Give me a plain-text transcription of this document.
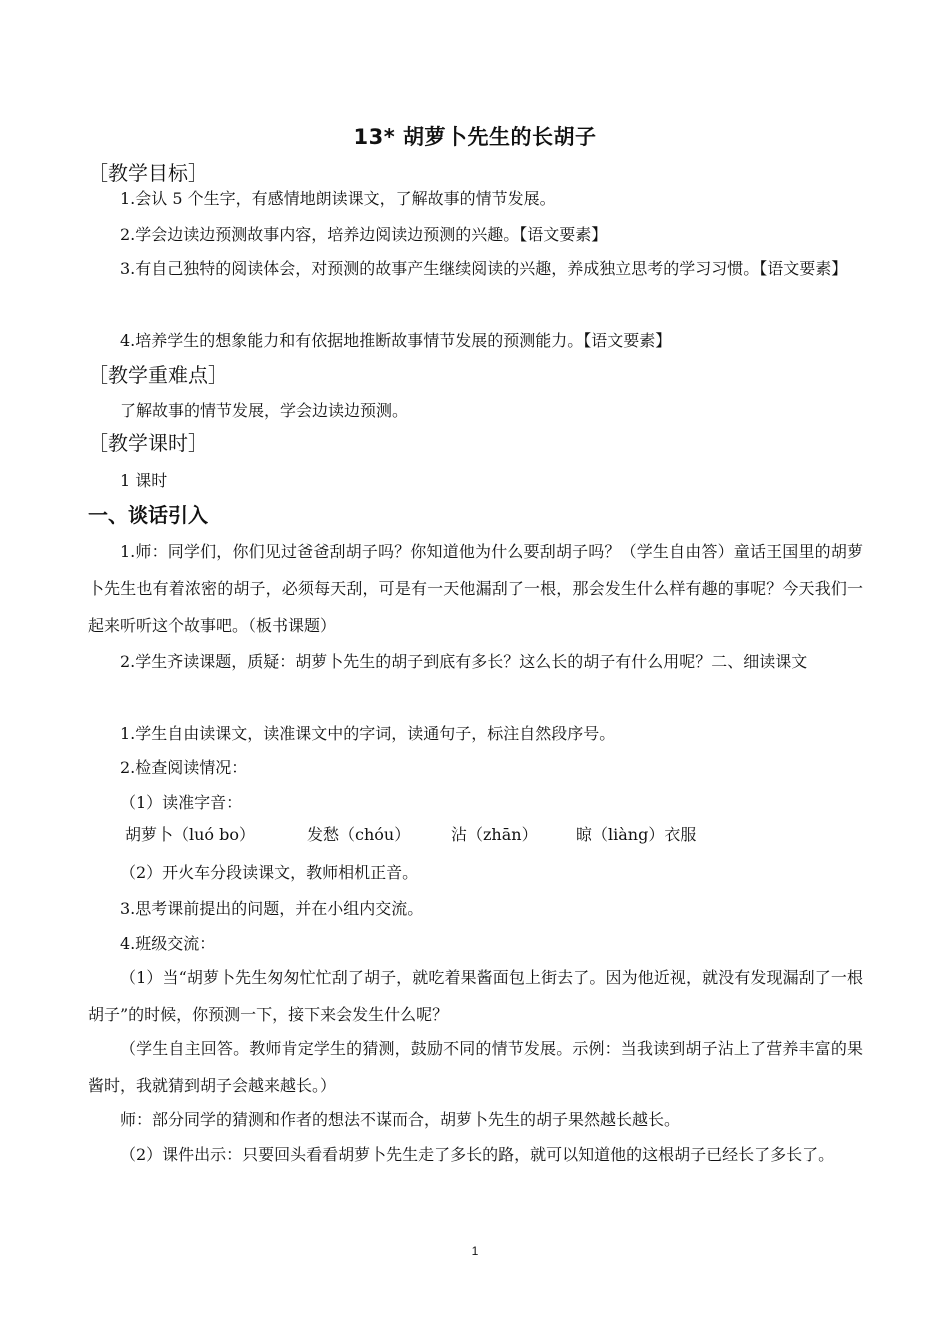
13* 胡萝卜先生的长胡子
［教学目标］
1.会认 5 个生字，有感情地朗读课文，了解故事的情节发展。
2.学会边读边预测故事内容，培养边阅读边预测的兴趣。【语文要素】
3.有自己独特的阅读体会，对预测的故事产生继续阅读的兴趣，养成独立思考的学习习惯。【语文要素】
4.培养学生的想象能力和有依据地推断故事情节发展的预测能力。【语文要素】
［教学重难点］
了解故事的情节发展，学会边读边预测。
［教学课时］
1 课时
一、谈话引入
1.师：同学们，你们见过爸爸刮胡子吗？你知道他为什么要刮胡子吗？（学生自由答）童话王国里的胡萝卜先生也有着浓密的胡子，必须每天刮，可是有一天他漏刮了一根，那会发生什么样有趣的事呢？今天我们一起来听听这个故事吧。（板书课题）
2.学生齐读课题，质疑：胡萝卜先生的胡子到底有多长？这么长的胡子有什么用呢？二、细读课文
1.学生自由读课文，读准课文中的字词，读通句子，标注自然段序号。
2.检查阅读情况：
（1）读准字音：
胡萝卜（luó bo）	发愁（chóu）	沾（zhān） 晾（liàng）衣服
（2）开火车分段读课文，教师相机正音。
3.思考课前提出的问题，并在小组内交流。
4.班级交流：
（1）当“胡萝卜先生匆匆忙忙刮了胡子，就吃着果酱面包上街去了。因为他近视，就没有发现漏刮了一根胡子”的时候，你预测一下，接下来会发生什么呢？
（学生自主回答。教师肯定学生的猜测，鼓励不同的情节发展。示例：当我读到胡子沾上了营养丰富的果酱时，我就猜到胡子会越来越长。）
师：部分同学的猜测和作者的想法不谋而合，胡萝卜先生的胡子果然越长越长。
（2）课件出示：只要回头看看胡萝卜先生走了多长的路，就可以知道他的这根胡子已经长了多长了。
1
